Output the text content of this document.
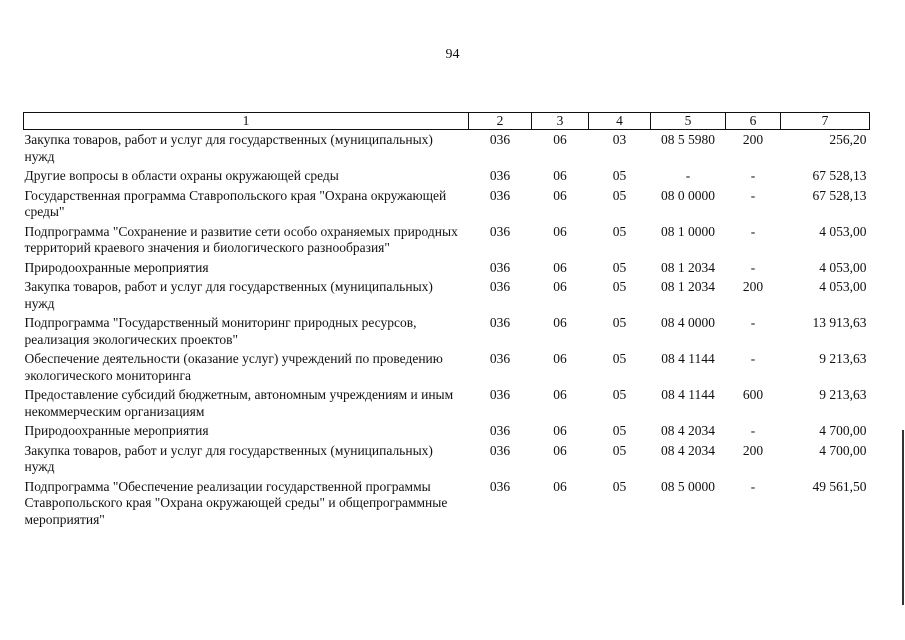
94
1	2	3	4	5	6	7
Закупка товаров, работ и услуг для государственных (муниципальных) нужд	036	06	03	08 5 5980	200	256,20
Другие вопросы в области охраны окружающей среды	036	06	05	-	-	67 528,13
Государственная программа Ставропольского края "Охрана окружающей среды"	036	06	05	08 0 0000	-	67 528,13
Подпрограмма "Сохранение и развитие сети особо охраняемых природных территорий краевого значения и биологического разнообразия"	036	06	05	08 1 0000	-	4 053,00
Природоохранные мероприятия	036	06	05	08 1 2034	-	4 053,00
Закупка товаров, работ и услуг для государственных (муниципальных) нужд	036	06	05	08 1 2034	200	4 053,00
Подпрограмма "Государственный мониторинг природных ресурсов, реализация экологических проектов"	036	06	05	08 4 0000	-	13 913,63
Обеспечение деятельности (оказание услуг) учреждений по проведению экологического мониторинга	036	06	05	08 4 1144	-	9 213,63
Предоставление субсидий бюджетным, автономным учреждениям и иным некоммерческим организациям	036	06	05	08 4 1144	600	9 213,63
Природоохранные мероприятия	036	06	05	08 4 2034	-	4 700,00
Закупка товаров, работ и услуг для государственных (муниципальных) нужд	036	06	05	08 4 2034	200	4 700,00
Подпрограмма "Обеспечение реализации государственной программы Ставропольского края "Охрана окружающей среды" и общепрограммные мероприятия"	036	06	05	08 5 0000	-	49 561,50
